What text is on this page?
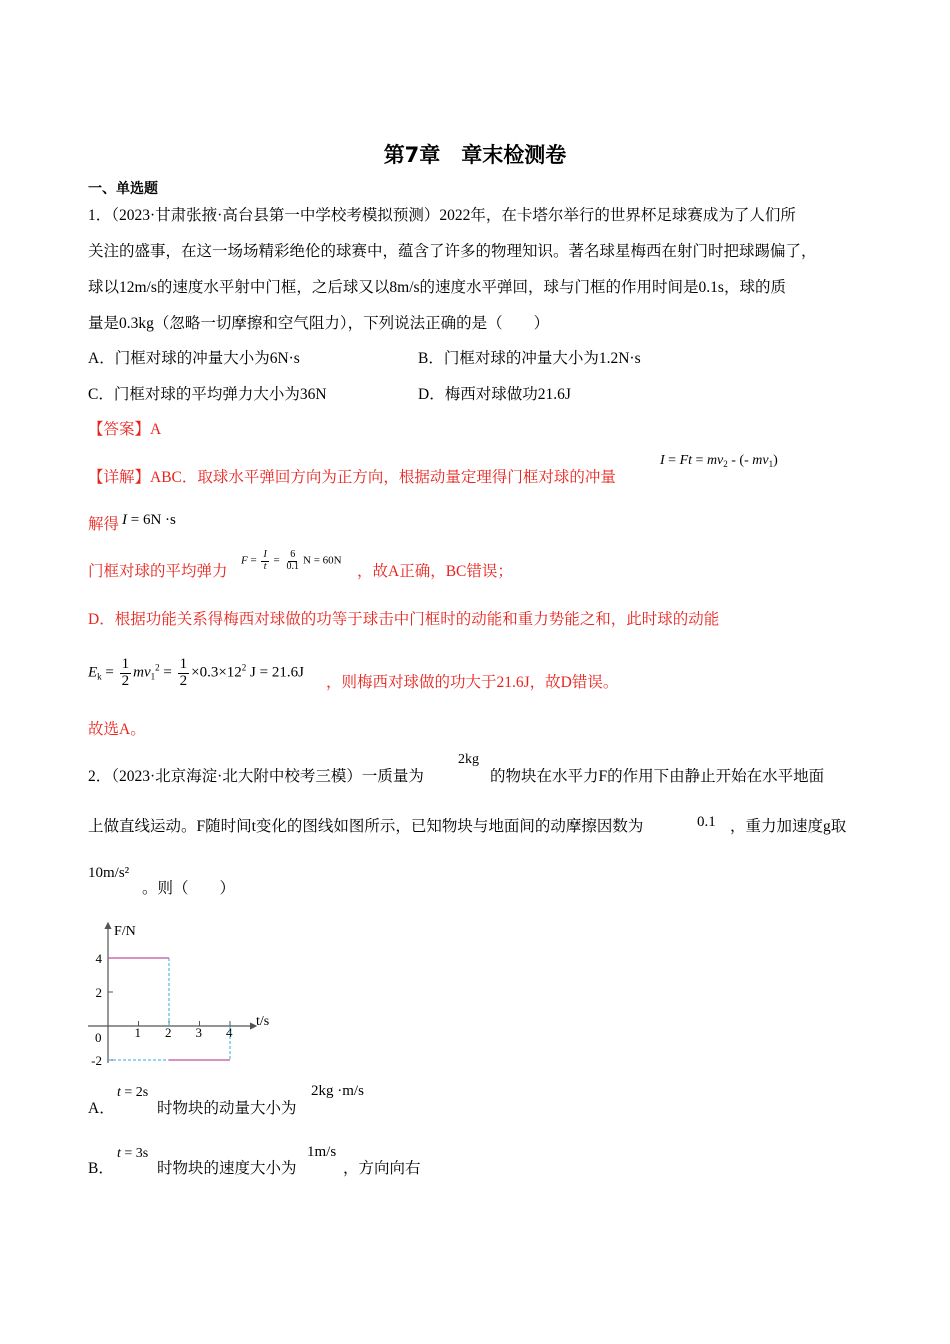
第7章　章末检测卷
一、单选题
1．（2023·甘肃张掖·高台县第一中学校考模拟预测）2022年，在卡塔尔举行的世界杯足球赛成为了人们所
关注的盛事，在这一场场精彩绝伦的球赛中，蕴含了许多的物理知识。著名球星梅西在射门时把球踢偏了，
球以12m/s的速度水平射中门框，之后球又以8m/s的速度水平弹回，球与门框的作用时间是0.1s，球的质
量是0.3kg（忽略一切摩擦和空气阻力），下列说法正确的是（　　）
A．门框对球的冲量大小为6N·s	B．门框对球的冲量大小为1.2N·s
C．门框对球的平均弹力大小为36N	D．梅西对球做功21.6J
【答案】A
【详解】ABC．取球水平弹回方向为正方向，根据动量定理得门框对球的冲量
$I = Ft = mv_2$ - (- $mv_1$)
解得 I = 6N ·s
门框对球的平均弹力
$F = \frac{I}{t} = \frac{6}{0.1}$ N = 60N
，故A正确，BC错误；
D．根据功能关系得梅西对球做的功等于球击中门框时的动能和重力势能之和，此时球的动能
$E_k = \frac{1}{2} mv_1^2 = \frac{1}{2} \times 0.3\times 12^2$ J = 21.6J
，则梅西对球做的功大于21.6J，故D错误。
故选A。
2．（2023·北京海淀·北大附中校考三模）一质量为
2kg
的物块在水平力F的作用下由静止开始在水平地面
上做直线运动。F随时间t变化的图线如图所示，已知物块与地面间的动摩擦因数为	0.1 ，重力加速度g取
10m/s²
。则（　　）
F/N
t/s
0	1 2 3 4
4
2
-2
A．
t = 2s
时物块的动量大小为
2kg ·m/s
B．
t = 3s
时物块的速度大小为
1m/s
，方向向右
